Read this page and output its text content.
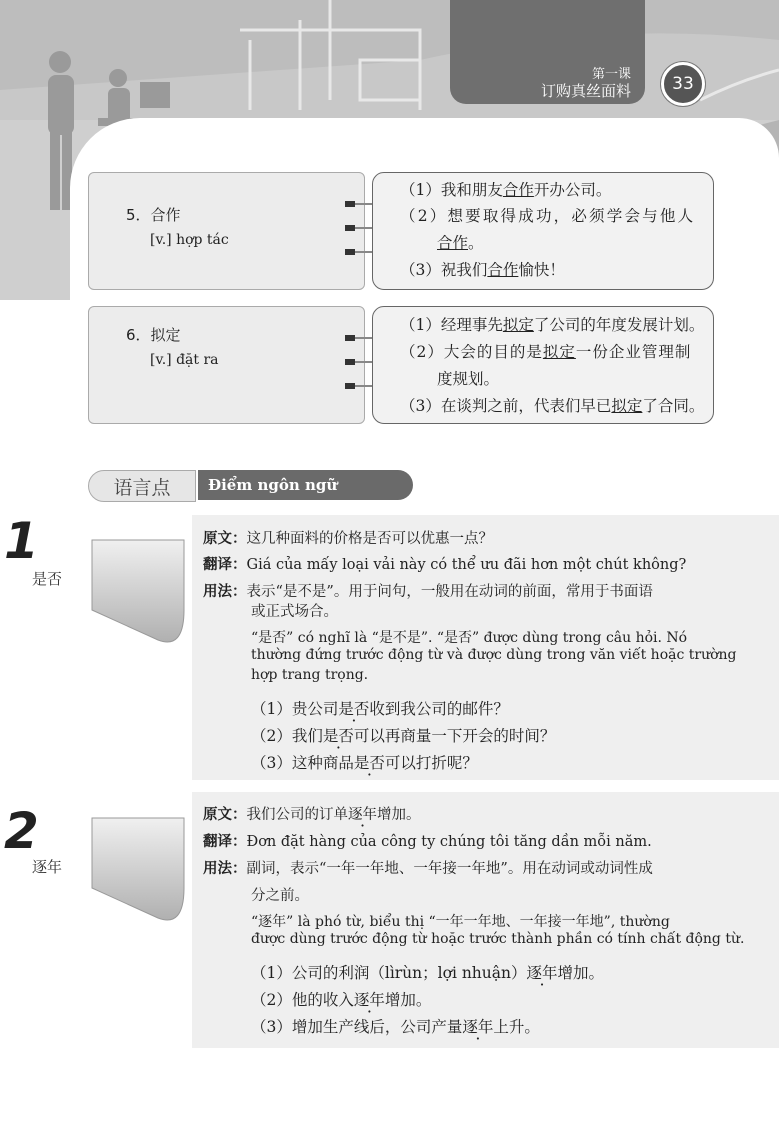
第一课
订购真丝面料	33
5．合作
[v.] hợp tác
（1）我和朋友合作开办公司。
（2）想要取得成功，必须学会与他人
合作。
（3）祝我们合作愉快！
6．拟定
[v.] đặt ra
（1）经理事先拟定了公司的年度发展计划。
（2）大会的目的是拟定一份企业管理制
度规划。
（3）在谈判之前，代表们早已拟定了合同。
语言点	Điểm ngôn ngữ
1
是否
原文：这几种面料的价格是否可以优惠一点？
翻译：Giá của mấy loại vải này có thể ưu đãi hơn một chút không?
用法：表示“是不是”。用于问句，一般用在动词的前面，常用于书面语
或正式场合。
“是否” có nghĩ là “是不是”. “是否” được dùng trong câu hỏi. Nó
thường đứng trước động từ và được dùng trong văn viết hoặc trường
hợp trang trọng.
（1）贵公司是否收到我公司的邮件？
（2）我们是否可以再商量一下开会的时间？
（3）这种商品是否可以打折呢？
2
逐年
原文：我们公司的订单逐年增加。
翻译：Đơn đặt hàng của công ty chúng tôi tăng dần mỗi năm.
用法：副词，表示“一年一年地、一年接一年地”。用在动词或动词性成
分之前。
“逐年” là phó từ, biểu thị “一年一年地、一年接一年地”, thường
được dùng trước động từ hoặc trước thành phần có tính chất động từ.
（1）公司的利润（lìrùn；lợi nhuận）逐年增加。
（2）他的收入逐年增加。
（3）增加生产线后，公司产量逐年上升。
